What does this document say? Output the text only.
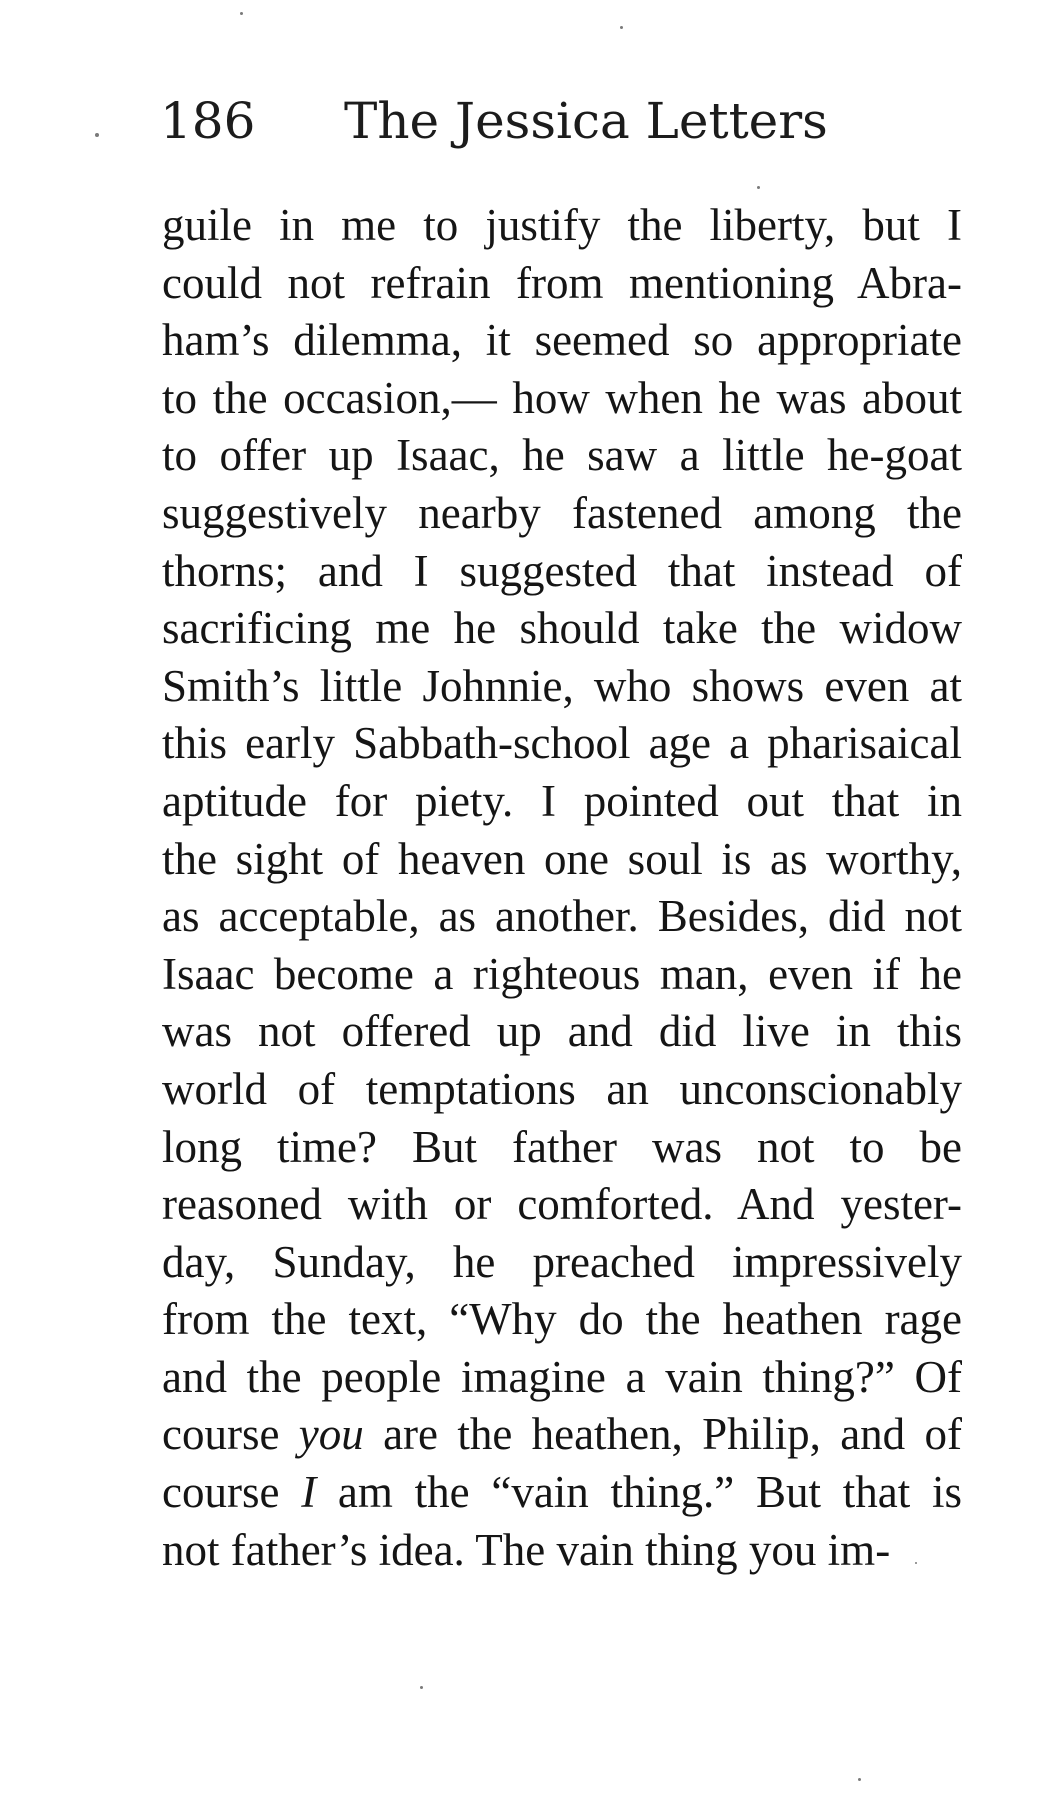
186 The Jessica Letters
guile in me to justify the liberty, but I
could not refrain from mentioning Abra-
ham’s dilemma, it seemed so appropriate
to the occasion,— how when he was about
to offer up Isaac, he saw a little he-goat
suggestively nearby fastened among the
thorns; and I suggested that instead of
sacrificing me he should take the widow
Smith’s little Johnnie, who shows even at
this early Sabbath-school age a pharisaical
aptitude for piety. I pointed out that in
the sight of heaven one soul is as worthy,
as acceptable, as another. Besides, did not
Isaac become a righteous man, even if he
was not offered up and did live in this
world of temptations an unconscionably
long time? But father was not to be
reasoned with or comforted. And yester-
day, Sunday, he preached impressively
from the text, “Why do the heathen rage
and the people imagine a vain thing?” Of
course you are the heathen, Philip, and of
course I am the “vain thing.” But that is
not father’s idea. The vain thing you im-
